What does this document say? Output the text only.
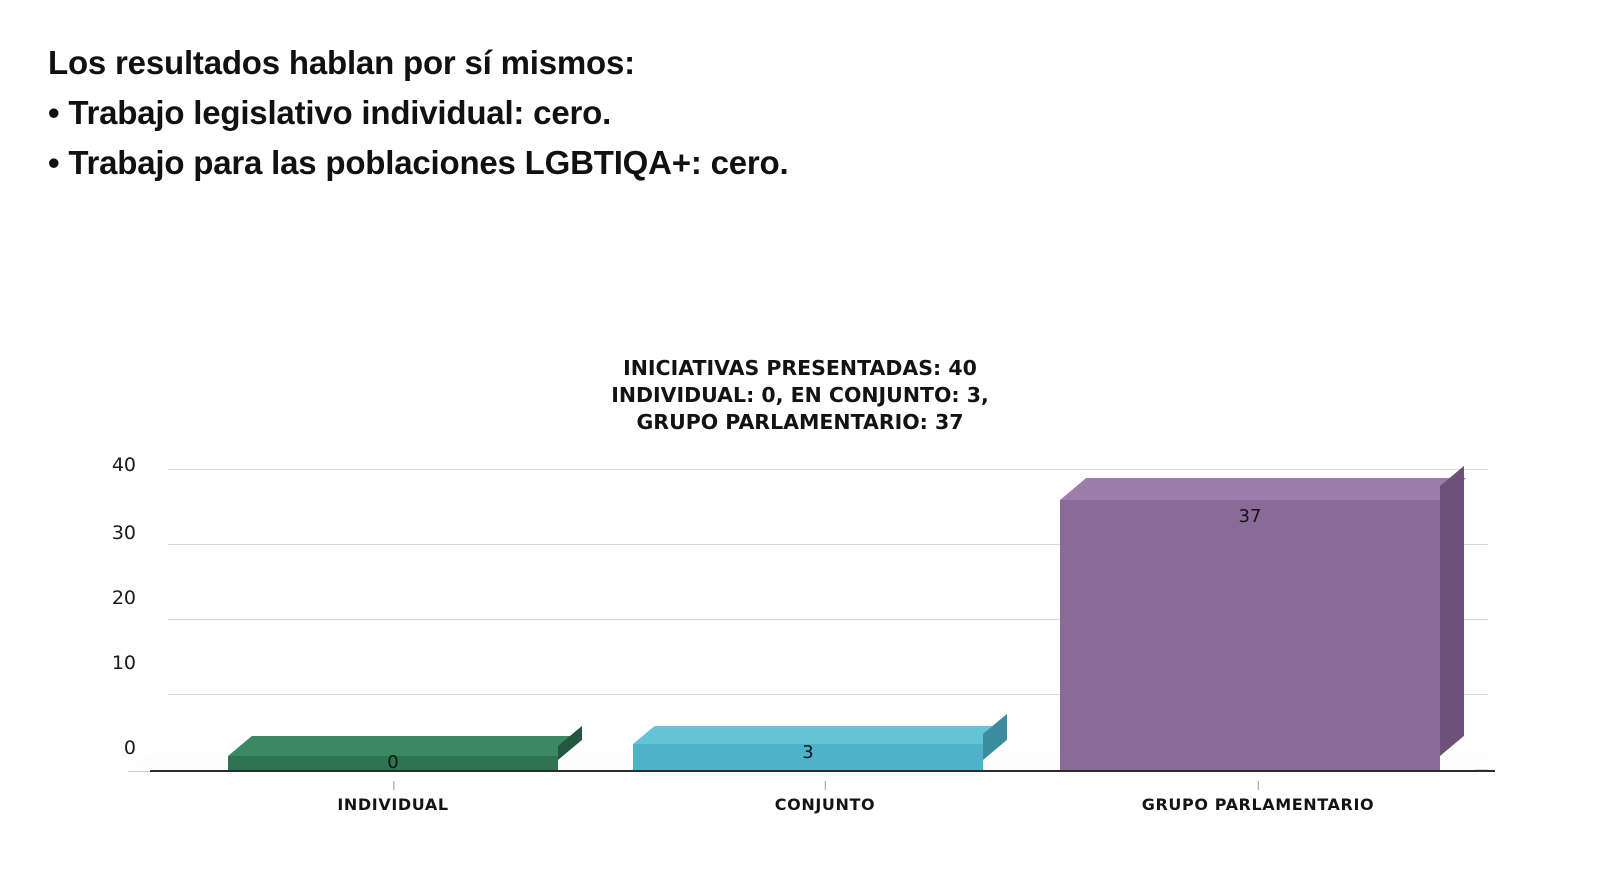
Los resultados hablan por sí mismos:
• Trabajo legislativo individual: cero.
• Trabajo para las poblaciones LGBTIQA+: cero.
INICIATIVAS PRESENTADAS: 40
INDIVIDUAL: 0, EN CONJUNTO: 3,
GRUPO PARLAMENTARIO: 37
0
10
20
30
40
0	3
37
INDIVIDUAL	CONJUNTO	GRUPO PARLAMENTARIO
